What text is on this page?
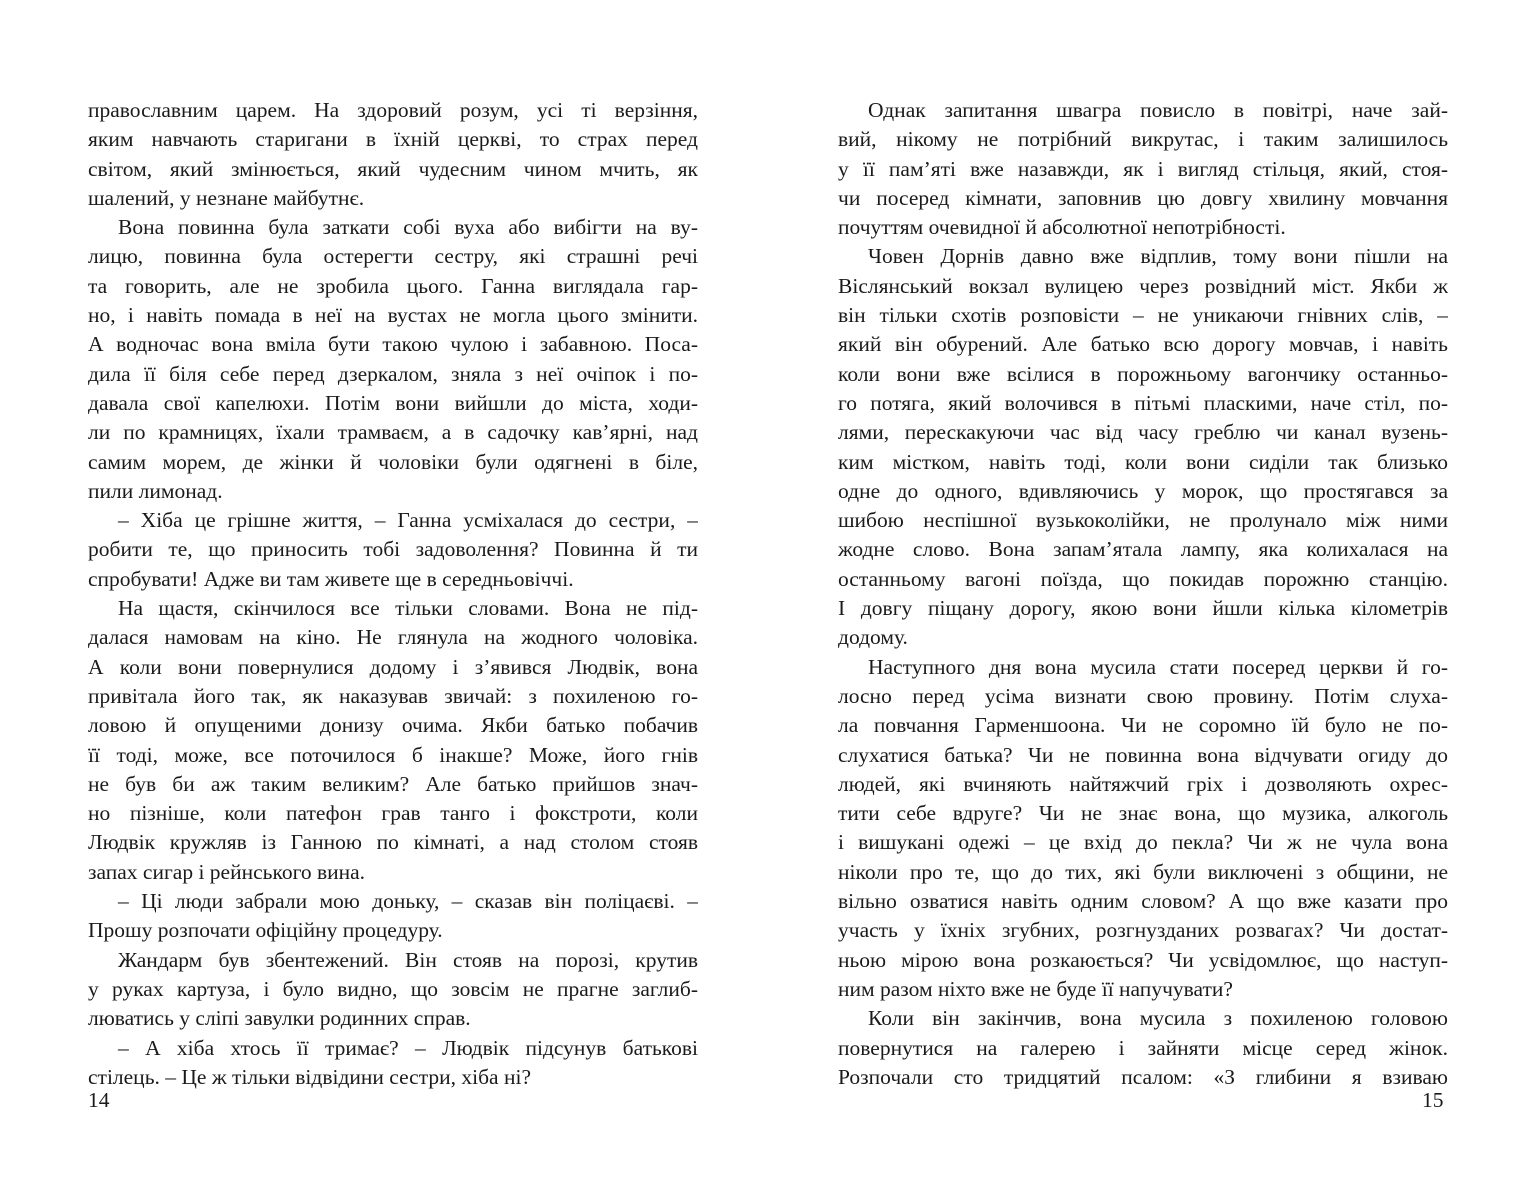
православним царем. На здоровий розум, усі ті верзіння,
яким навчають старигани в їхній церкві, то страх перед
світом, який змінюється, який чудесним чином мчить, як
шалений, у незнане майбутнє.
Вона повинна була заткати собі вуха або вибігти на ву-
лицю, повинна була остерегти сестру, які страшні речі
та говорить, але не зробила цього. Ганна виглядала гар-
но, і навіть помада в неї на вустах не могла цього змінити.
А водночас вона вміла бути такою чулою і забавною. Поса-
дила її біля себе перед дзеркалом, зняла з неї очіпок і по-
давала свої капелюхи. Потім вони вийшли до міста, ходи-
ли по крамницях, їхали трамваєм, а в садочку кав’ярні, над
самим морем, де жінки й чоловіки були одягнені в біле,
пили лимонад.
– Хіба це грішне життя, – Ганна усміхалася до сестри, –
робити те, що приносить тобі задоволення? Повинна й ти
спробувати! Адже ви там живете ще в середньовіччі.
На щастя, скінчилося все тільки словами. Вона не під-
далася намовам на кіно. Не глянула на жодного чоловіка.
А коли вони повернулися додому і з’явився Людвік, вона
привітала його так, як наказував звичай: з похиленою го-
ловою й опущеними донизу очима. Якби батько побачив
її тоді, може, все поточилося б інакше? Може, його гнів
не був би аж таким великим? Але батько прийшов знач-
но пізніше, коли патефон грав танго і фокстроти, коли
Людвік кружляв із Ганною по кімнаті, а над столом стояв
запах сигар і рейнського вина.
– Ці люди забрали мою доньку, – сказав він поліцаєві. –
Прошу розпочати офіційну процедуру.
Жандарм був збентежений. Він стояв на порозі, крутив
у руках картуза, і було видно, що зовсім не прагне заглиб-
люватись у сліпі завулки родинних справ.
– А хіба хтось її тримає? – Людвік підсунув батькові
стілець. – Це ж тільки відвідини сестри, хіба ні?
Однак запитання швагра повисло в повітрі, наче зай-
вий, нікому не потрібний викрутас, і таким залишилось
у її пам’яті вже назавжди, як і вигляд стільця, який, стоя-
чи посеред кімнати, заповнив цю довгу хвилину мовчання
почуттям очевидної й абсолютної непотрібності.
Човен Дорнів давно вже відплив, тому вони пішли на
Віслянський вокзал вулицею через розвідний міст. Якби ж
він тільки схотів розповісти – не уникаючи гнівних слів, –
який він обурений. Але батько всю дорогу мовчав, і навіть
коли вони вже всілися в порожньому вагончику останньо-
го потяга, який волочився в пітьмі плаcкими, наче стіл, по-
лями, перескакуючи час від часу греблю чи канал вузень-
ким містком, навіть тоді, коли вони сиділи так близько
одне до одного, вдивляючись у морок, що простягався за
шибою неспішної вузькоколійки, не пролунало між ними
жодне слово. Вона запам’ятала лампу, яка колихалася на
останньому вагоні поїзда, що покидав порожню станцію.
І довгу піщану дорогу, якою вони йшли кілька кілометрів
додому.
Наступного дня вона мусила стати посеред церкви й го-
лосно перед усіма визнати свою провину. Потім слуха-
ла повчання Гарменшоона. Чи не соромно їй було не по-
слухатися батька? Чи не повинна вона відчувати огиду до
людей, які вчиняють найтяжчий гріх і дозволяють охрес-
тити себе вдруге? Чи не знає вона, що музика, алкоголь
і вишукані одежі – це вхід до пекла? Чи ж не чула вона
ніколи про те, що до тих, які були виключені з общини, не
вільно озватися навіть одним словом? А що вже казати про
участь у їхніх згубних, розгнузданих розвагах? Чи достат-
ньою мірою вона розкаюється? Чи усвідомлює, що наступ-
ним разом ніхто вже не буде її напучувати?
Коли він закінчив, вона мусила з похиленою головою
повернутися на галерею і зайняти місце серед жінок.
Розпочали сто тридцятий псалом: «З глибини я взиваю
14	15
